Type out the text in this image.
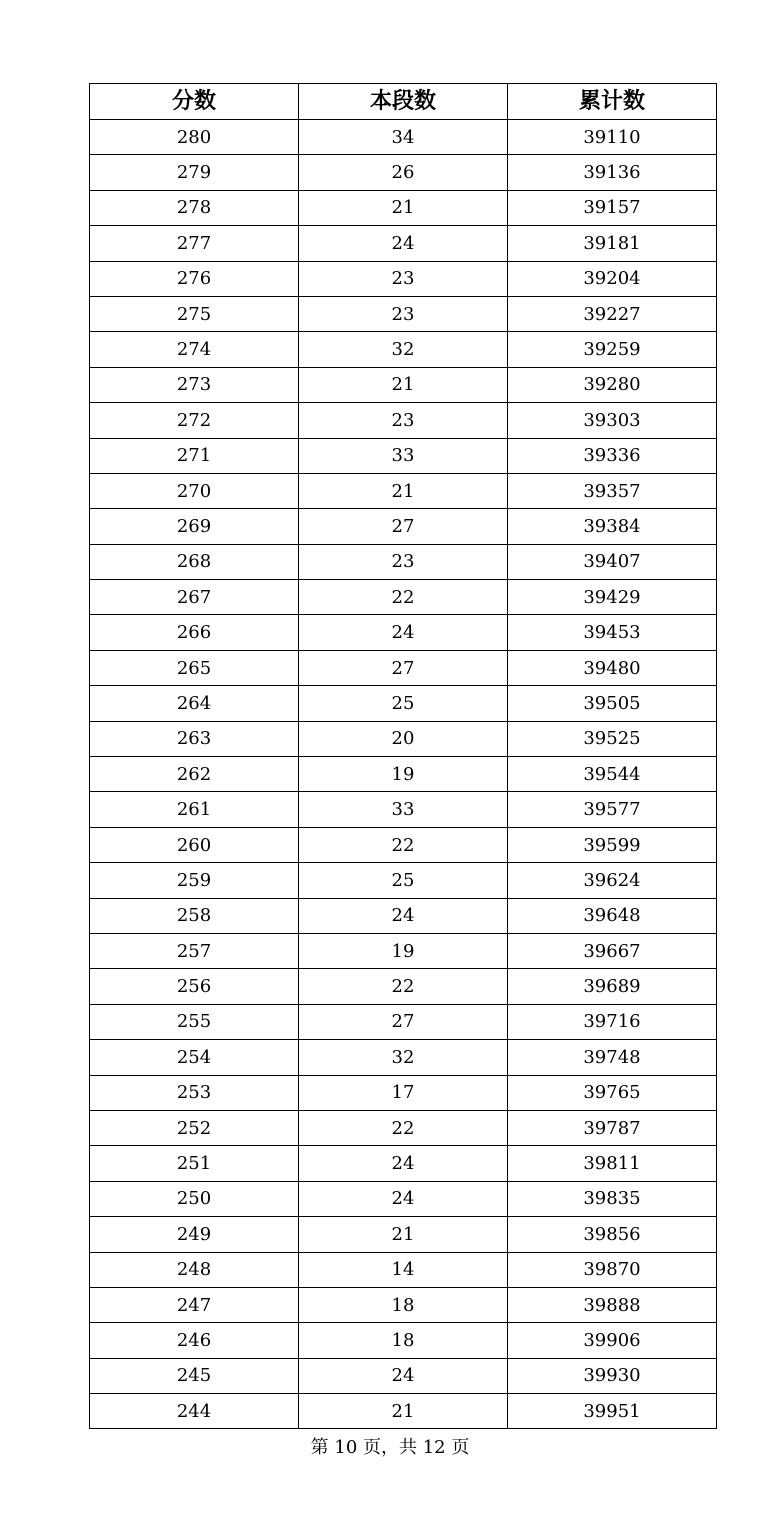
分数	本段数	累计数
280	34	39110
279	26	39136
278	21	39157
277	24	39181
276	23	39204
275	23	39227
274	32	39259
273	21	39280
272	23	39303
271	33	39336
270	21	39357
269	27	39384
268	23	39407
267	22	39429
266	24	39453
265	27	39480
264	25	39505
263	20	39525
262	19	39544
261	33	39577
260	22	39599
259	25	39624
258	24	39648
257	19	39667
256	22	39689
255	27	39716
254	32	39748
253	17	39765
252	22	39787
251	24	39811
250	24	39835
249	21	39856
248	14	39870
247	18	39888
246	18	39906
245	24	39930
244	21	39951
第 10 页，共 12 页
